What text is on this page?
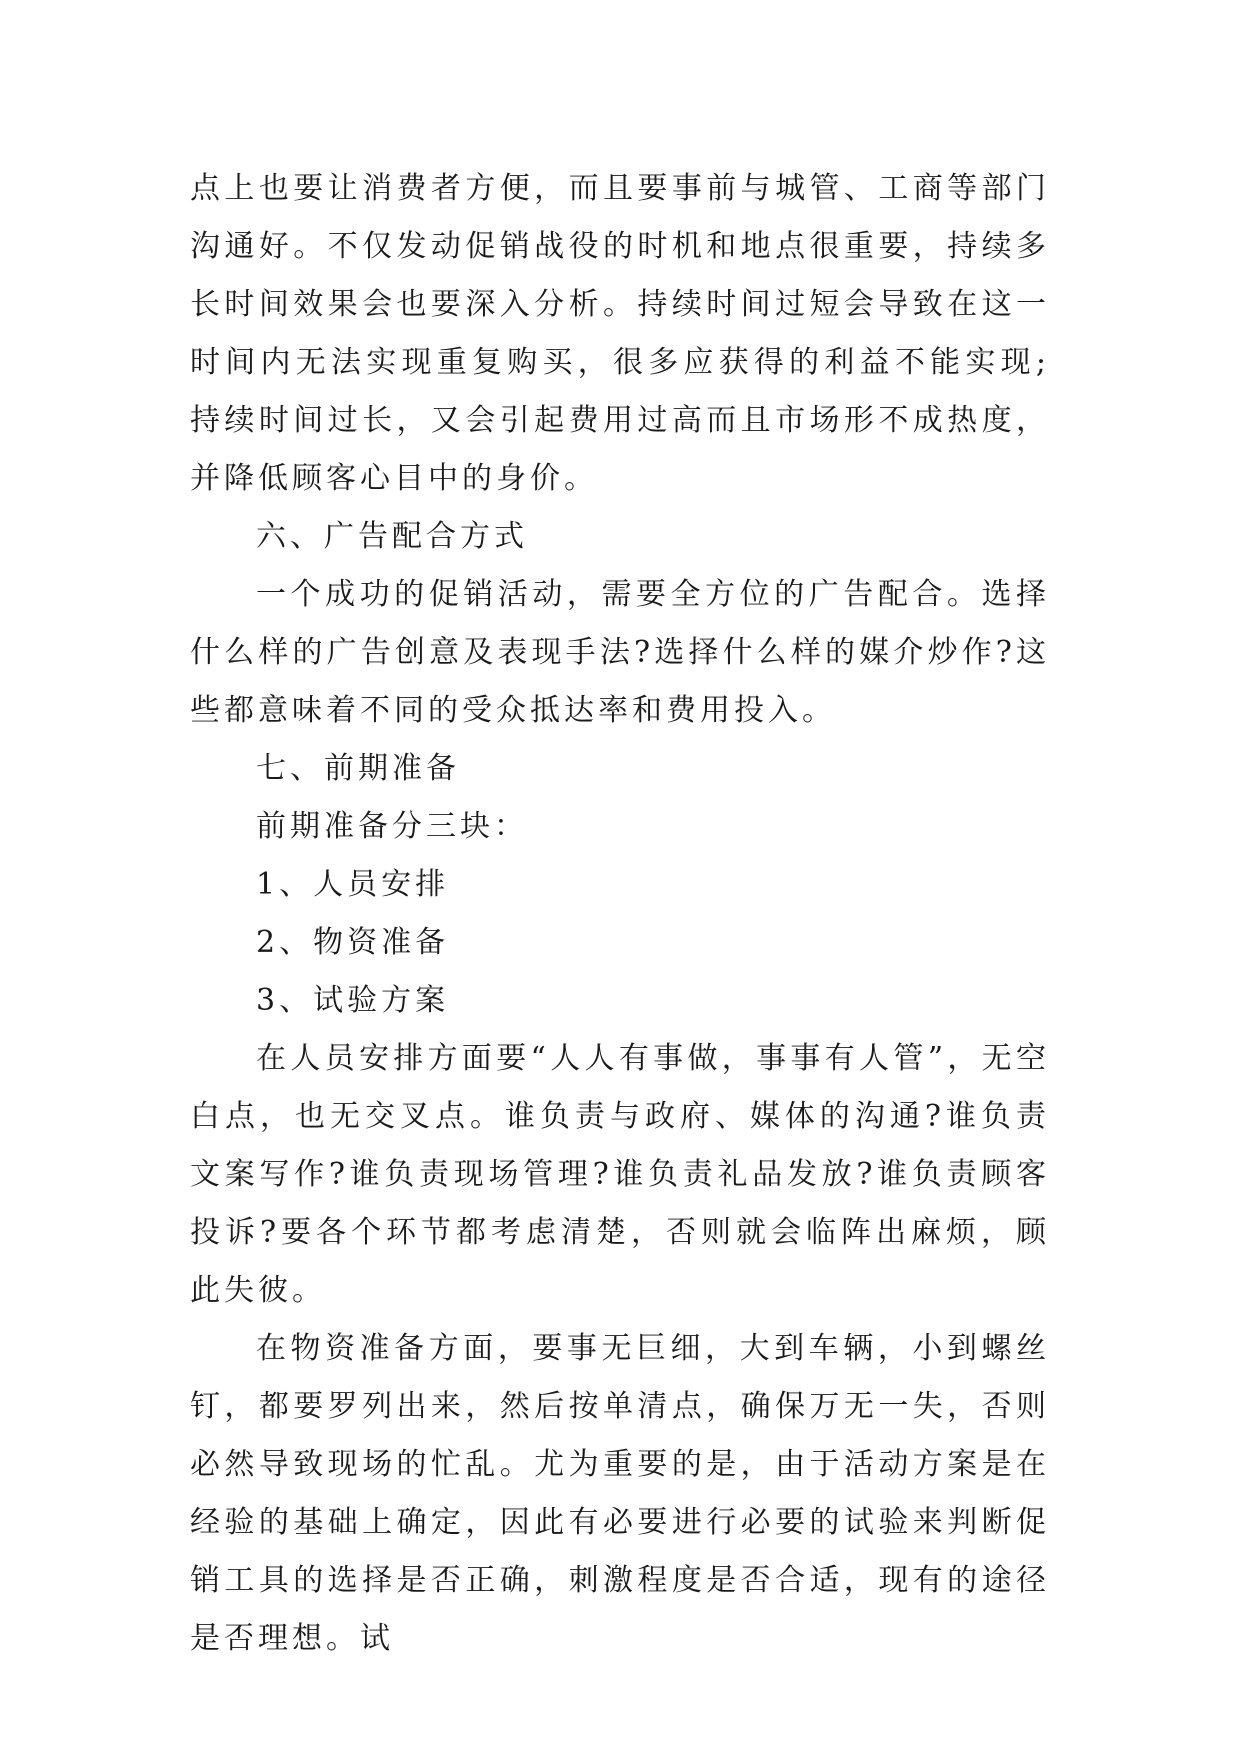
点上也要让消费者方便，而且要事前与城管、工商等部门沟通好。不仅发动促销战役的时机和地点很重要，持续多长时间效果会也要深入分析。持续时间过短会导致在这一时间内无法实现重复购买，很多应获得的利益不能实现;持续时间过长，又会引起费用过高而且市场形不成热度，并降低顾客心目中的身价。

六、广告配合方式

一个成功的促销活动，需要全方位的广告配合。选择什么样的广告创意及表现手法?选择什么样的媒介炒作?这些都意味着不同的受众抵达率和费用投入。

七、前期准备

前期准备分三块：

1、人员安排

2、物资准备

3、试验方案

在人员安排方面要“人人有事做，事事有人管”，无空白点，也无交叉点。谁负责与政府、媒体的沟通?谁负责文案写作?谁负责现场管理?谁负责礼品发放?谁负责顾客投诉?要各个环节都考虑清楚，否则就会临阵出麻烦，顾此失彼。

在物资准备方面，要事无巨细，大到车辆，小到螺丝钉，都要罗列出来，然后按单清点，确保万无一失，否则必然导致现场的忙乱。尤为重要的是，由于活动方案是在经验的基础上确定，因此有必要进行必要的试验来判断促销工具的选择是否正确，刺激程度是否合适，现有的途径是否理想。试
